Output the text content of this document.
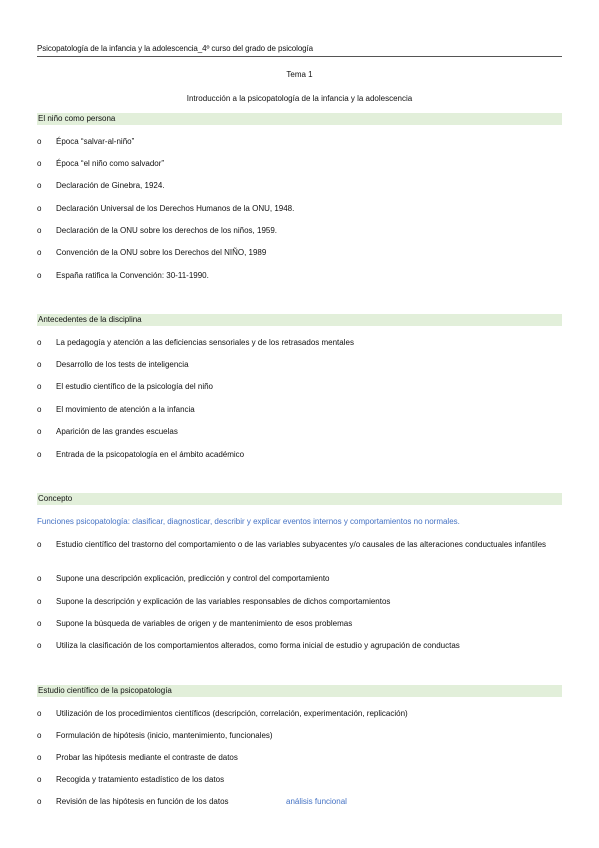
Psicopatología de la infancia y la adolescencia_4º curso del grado de psicología
Tema 1
Introducción a la psicopatología de la infancia y la adolescencia
El niño como persona
o Época “salvar-al-niño”
o Época “el niño como salvador”
o Declaración de Ginebra, 1924.
o Declaración Universal de los Derechos Humanos de la ONU, 1948.
o Declaración de la ONU sobre los derechos de los niños, 1959.
o Convención de la ONU sobre los Derechos del NIÑO, 1989
o España ratifica la Convención: 30-11-1990.
Antecedentes de la disciplina
o La pedagogía y atención a las deficiencias sensoriales y de los retrasados mentales
o Desarrollo de los tests de inteligencia
o El estudio científico de la psicología del niño
o El movimiento de atención a la infancia
o Aparición de las grandes escuelas
o Entrada de la psicopatología en el ámbito académico
Concepto
Funciones psicopatología: clasificar, diagnosticar, describir y explicar eventos internos y comportamientos no normales.
o Estudio científico del trastorno del comportamiento o de las variables subyacentes y/o causales de las alteraciones conductuales infantiles
o Supone una descripción explicación, predicción y control del comportamiento
o Supone la descripción y explicación de las variables responsables de dichos comportamientos
o Supone la búsqueda de variables de origen y de mantenimiento de esos problemas
o Utiliza la clasificación de los comportamientos alterados, como forma inicial de estudio y agrupación de conductas
Estudio científico de la psicopatología
o Utilización de los procedimientos científicos (descripción, correlación, experimentación, replicación)
o Formulación de hipótesis (inicio, mantenimiento, funcionales)
o Probar las hipótesis mediante el contraste de datos
o Recogida y tratamiento estadístico de los datos
o Revisión de las hipótesis en función de los datos	análisis funcional
